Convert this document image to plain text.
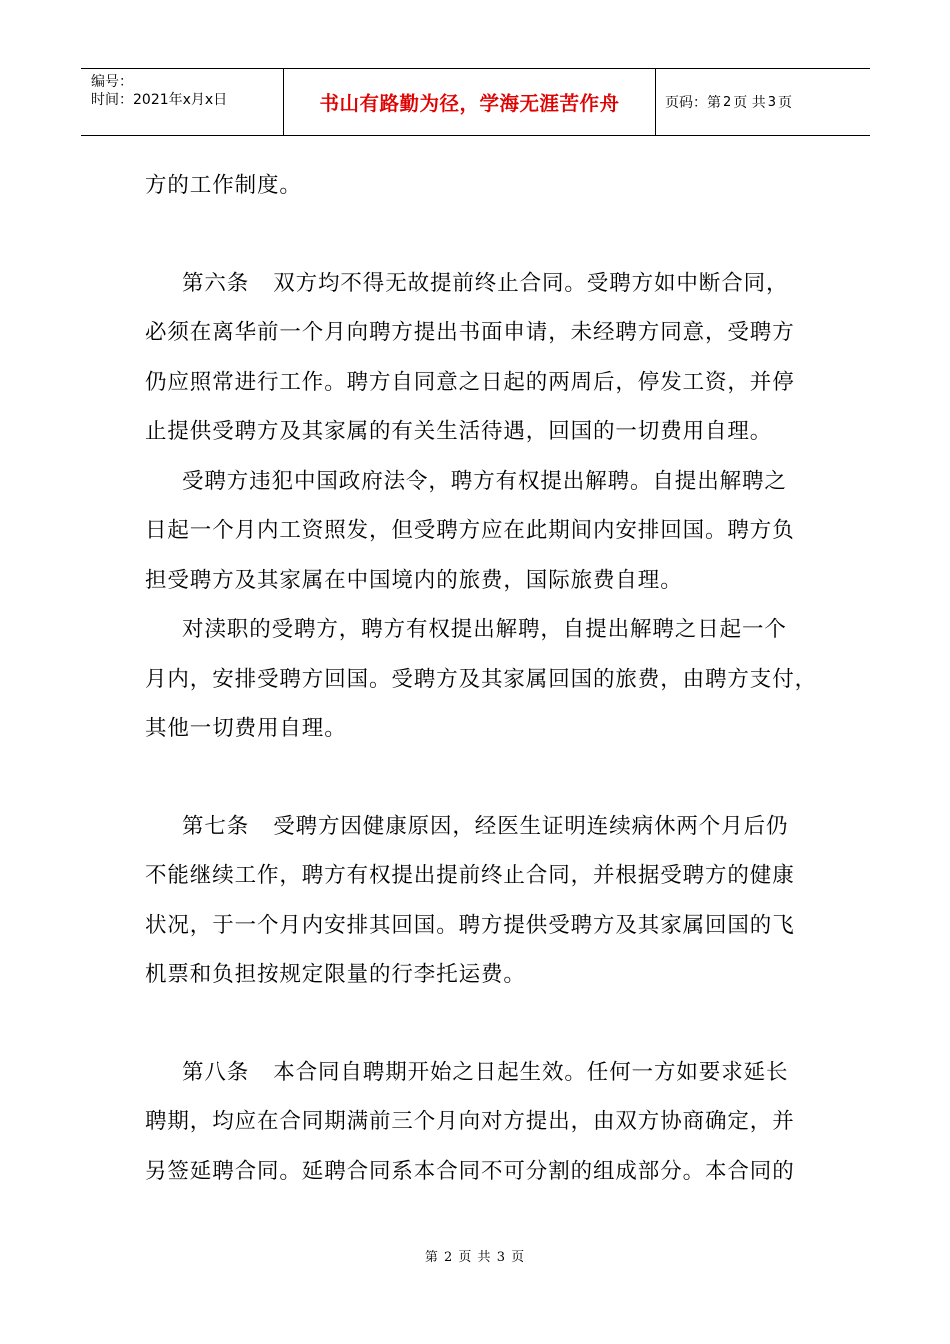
编号：
时间：2021年x月x日	书山有路勤为径，学海无涯苦作舟	页码：第 2 页 共 3 页
方的工作制度。
第六条 双方均不得无故提前终止合同。受聘方如中断合同，
必须在离华前一个月向聘方提出书面申请，未经聘方同意，受聘方
仍应照常进行工作。聘方自同意之日起的两周后，停发工资，并停
止提供受聘方及其家属的有关生活待遇，回国的一切费用自理。
受聘方违犯中国政府法令，聘方有权提出解聘。自提出解聘之
日起一个月内工资照发，但受聘方应在此期间内安排回国。聘方负
担受聘方及其家属在中国境内的旅费，国际旅费自理。
对渎职的受聘方，聘方有权提出解聘，自提出解聘之日起一个
月内，安排受聘方回国。受聘方及其家属回国的旅费，由聘方支付，
其他一切费用自理。
第七条 受聘方因健康原因，经医生证明连续病休两个月后仍
不能继续工作，聘方有权提出提前终止合同，并根据受聘方的健康
状况，于一个月内安排其回国。聘方提供受聘方及其家属回国的飞
机票和负担按规定限量的行李托运费。
第八条 本合同自聘期开始之日起生效。任何一方如要求延长
聘期，均应在合同期满前三个月向对方提出，由双方协商确定，并
另签延聘合同。延聘合同系本合同不可分割的组成部分。本合同的
第 2 页 共 3 页
